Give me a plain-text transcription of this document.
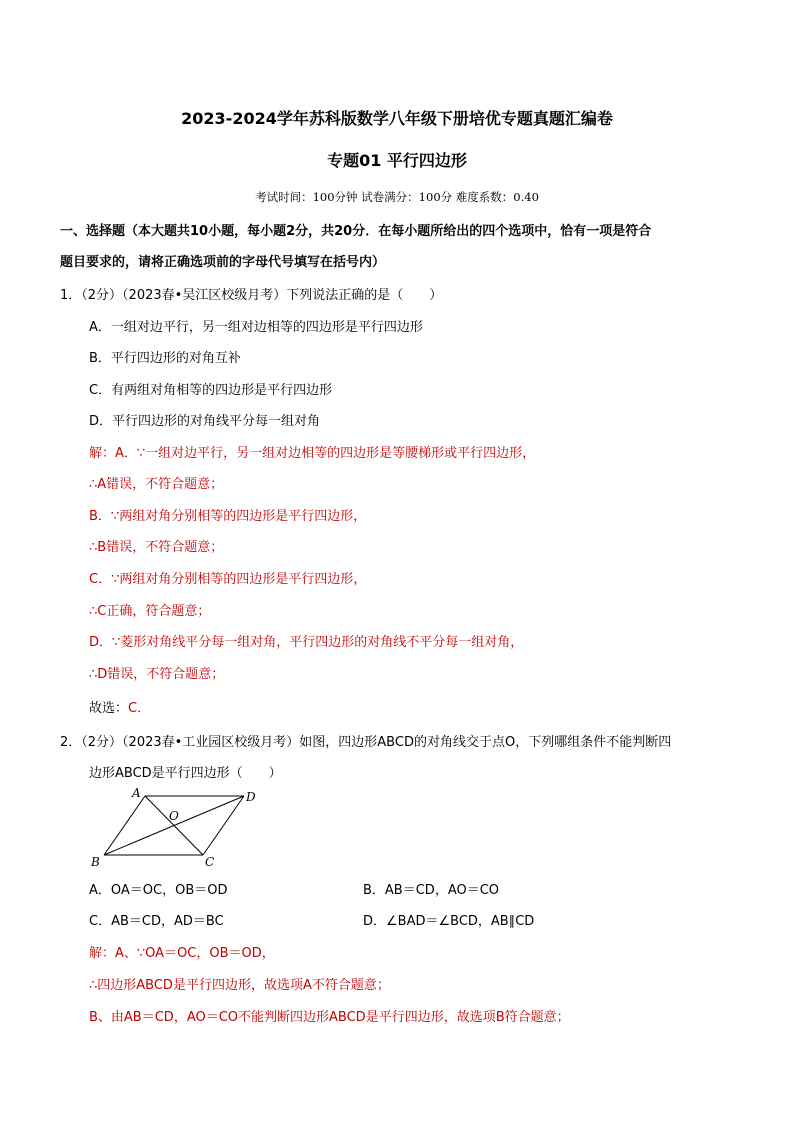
2023-2024学年苏科版数学八年级下册培优专题真题汇编卷
专题01 平行四边形
考试时间：100分钟 试卷满分：100分 难度系数：0.40
一、选择题（本大题共10小题，每小题2分，共20分．在每小题所给出的四个选项中，恰有一项是符合
题目要求的，请将正确选项前的字母代号填写在括号内）
1．（2分）（2023春•吴江区校级月考）下列说法正确的是（　　）
A．一组对边平行，另一组对边相等的四边形是平行四边形
B．平行四边形的对角互补
C．有两组对角相等的四边形是平行四边形
D．平行四边形的对角线平分每一组对角
解：A．∵一组对边平行，另一组对边相等的四边形是等腰梯形或平行四边形，
∴A错误，不符合题意；
B．∵两组对角分别相等的四边形是平行四边形，
∴B错误，不符合题意；
C．∵两组对角分别相等的四边形是平行四边形，
∴C正确，符合题意；
D．∵菱形对角线平分每一组对角，平行四边形的对角线不平分每一组对角，
∴D错误，不符合题意；
故选：C．
2．（2分）（2023春•工业园区校级月考）如图，四边形ABCD的对角线交于点O，下列哪组条件不能判断四
边形ABCD是平行四边形（　　）
A
B	C
D
O
A．OA＝OC，OB＝OD	B．AB＝CD，AO＝CO
C．AB＝CD，AD＝BC	D．∠BAD＝∠BCD，AB∥CD
解：A、∵OA＝OC，OB＝OD，
∴四边形ABCD是平行四边形，故选项A不符合题意；
B、由AB＝CD，AO＝CO不能判断四边形ABCD是平行四边形，故选项B符合题意；
